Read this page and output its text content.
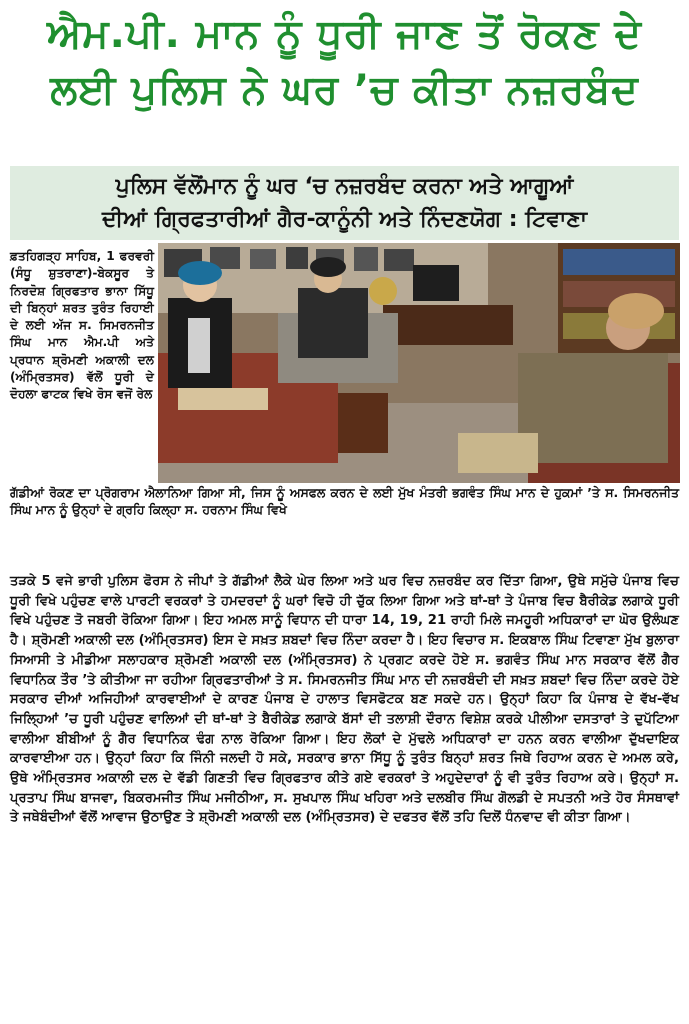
ਐਮ.ਪੀ. ਮਾਨ ਨੂੰ ਧੂਰੀ ਜਾਣ ਤੋਂ ਰੋਕਣ ਦੇ
ਲਈ ਪੁਲਿਸ ਨੇ ਘਰ ’ਚ ਕੀਤਾ ਨਜ਼ਰਬੰਦ
ਪੁਲਿਸ ਵੱਲੋਂਮਾਨ ਨੂੰ ਘਰ ‘ਚ ਨਜ਼ਰਬੰਦ ਕਰਨਾ ਅਤੇ ਆਗੂਆਂ
ਦੀਆਂ ਗ੍ਰਿਫਤਾਰੀਆਂ ਗੈਰ-ਕਾਨੂੰਨੀ ਅਤੇ ਨਿੰਦਣਯੋਗ : ਟਿਵਾਣਾ
ਫ਼ਤਹਿਗੜ੍ਹ ਸਾਹਿਬ, 1 ਫਰਵਰੀ (ਸੰਧੂ ਸ਼ੁਤਰਾਣਾ)-ਬੇਕਸੂਰ ਤੇ ਨਿਰਦੋਸ਼ ਗ੍ਰਿਫਤਾਰ ਭਾਨਾ ਸਿੱਧੂ ਦੀ ਬਿਨ੍ਹਾਂ ਸ਼ਰਤ ਤੁਰੰਤ ਰਿਹਾਈ ਦੇ ਲਈ ਅੱਜ ਸ. ਸਿਮਰਨਜੀਤ ਸਿੰਘ ਮਾਨ ਐਮ.ਪੀ ਅਤੇ ਪ੍ਰਧਾਨ ਸ਼੍ਰੋਮਣੀ ਅਕਾਲੀ ਦਲ (ਅੰਮ੍ਰਿਤਸਰ) ਵੱਲੋਂ ਧੂਰੀ ਦੇ ਦੋਹਲਾ ਫਾਟਕ ਵਿਖੇ ਰੋਸ ਵਜੋਂ ਰੇਲ
ਗੱਡੀਆਂ ਰੋਕਣ ਦਾ ਪ੍ਰੋਗਰਾਮ ਐਲਾਨਿਆ ਗਿਆ ਸੀ, ਜਿਸ ਨੂੰ ਅਸਫਲ ਕਰਨ ਦੇ ਲਈ ਮੁੱਖ ਮੰਤਰੀ ਭਗਵੰਤ ਸਿੰਘ ਮਾਨ ਦੇ ਹੁਕਮਾਂ ’ਤੇ ਸ. ਸਿਮਰਨਜੀਤ ਸਿੰਘ ਮਾਨ ਨੂੰ ਉਨ੍ਹਾਂ ਦੇ ਗ੍ਰਹਿ ਕਿਲ੍ਹਾ ਸ. ਹਰਨਾਮ ਸਿੰਘ ਵਿਖੇ
ਤੜਕੇ 5 ਵਜੇ ਭਾਰੀ ਪੁਲਿਸ ਫੋਰਸ ਨੇ ਜੀਪਾਂ ਤੇ ਗੱਡੀਆਂ ਲੈਕੇ ਘੇਰ ਲਿਆ ਅਤੇ ਘਰ ਵਿਚ ਨਜ਼ਰਬੰਦ ਕਰ ਦਿੱਤਾ ਗਿਆ, ਉਥੇ ਸਮੁੱਚੇ ਪੰਜਾਬ ਵਿਚ ਧੂਰੀ ਵਿਖੇ ਪਹੁੰਚਣ ਵਾਲੇ ਪਾਰਟੀ ਵਰਕਰਾਂ ਤੇ ਹਮਦਰਦਾਂ ਨੂੰ ਘਰਾਂ ਵਿਚੋ ਹੀ ਚੁੱਕ ਲਿਆ ਗਿਆ ਅਤੇ ਥਾਂ-ਥਾਂ ਤੇ ਪੰਜਾਬ ਵਿਚ ਬੈਰੀਕੇਡ ਲਗਾਕੇ ਧੂਰੀ ਵਿਖੇ ਪਹੁੰਚਣ ਤੋ ਜਬਰੀ ਰੋਕਿਆ ਗਿਆ। ਇਹ ਅਮਲ ਸਾਨੂੰ ਵਿਧਾਨ ਦੀ ਧਾਰਾ 14, 19, 21 ਰਾਹੀ ਮਿਲੇ ਜਮਹੂਰੀ ਅਧਿਕਾਰਾਂ ਦਾ ਘੋਰ ਉਲੰਘਣ ਹੈ। ਸ਼੍ਰੋਮਣੀ ਅਕਾਲੀ ਦਲ (ਅੰਮ੍ਰਿਤਸਰ) ਇਸ ਦੇ ਸਖ਼ਤ ਸ਼ਬਦਾਂ ਵਿਚ ਨਿੰਦਾ ਕਰਦਾ ਹੈ। ਇਹ ਵਿਚਾਰ ਸ. ਇਕਬਾਲ ਸਿੰਘ ਟਿਵਾਣਾ ਮੁੱਖ ਬੁਲਾਰਾ ਸਿਆਸੀ ਤੇ ਮੀਡੀਆ ਸਲਾਹਕਾਰ ਸ਼੍ਰੋਮਣੀ ਅਕਾਲੀ ਦਲ (ਅੰਮ੍ਰਿਤਸਰ) ਨੇ ਪ੍ਰਗਟ ਕਰਦੇ ਹੋਏ ਸ. ਭਗਵੰਤ ਸਿੰਘ ਮਾਨ ਸਰਕਾਰ ਵੱਲੋਂ ਗੈਰ ਵਿਧਾਨਿਕ ਤੌਰ ’ਤੇ ਕੀਤੀਆ ਜਾ ਰਹੀਆ ਗ੍ਰਿਫਤਾਰੀਆਂ ਤੇ ਸ. ਸਿਮਰਨਜੀਤ ਸਿੰਘ ਮਾਨ ਦੀ ਨਜ਼ਰਬੰਦੀ ਦੀ ਸਖ਼ਤ ਸ਼ਬਦਾਂ ਵਿਚ ਨਿੰਦਾ ਕਰਦੇ ਹੋਏ ਸਰਕਾਰ ਦੀਆਂ ਅਜਿਹੀਆਂ ਕਾਰਵਾਈਆਂ ਦੇ ਕਾਰਣ ਪੰਜਾਬ ਦੇ ਹਾਲਾਤ ਵਿਸਫੋਟਕ ਬਣ ਸਕਦੇ ਹਨ। ਉਨ੍ਹਾਂ ਕਿਹਾ ਕਿ ਪੰਜਾਬ ਦੇ ਵੱਖ-ਵੱਖ ਜਿਲ੍ਹਿਆਂ ’ਚ ਧੂਰੀ ਪਹੁੰਚਣ ਵਾਲਿਆਂ ਦੀ ਥਾਂ-ਥਾਂ ਤੇ ਬੈਰੀਕੇਡ ਲਗਾਕੇ ਬੱਸਾਂ ਦੀ ਤਲਾਸ਼ੀ ਦੌਰਾਨ ਵਿਸ਼ੇਸ਼ ਕਰਕੇ ਪੀਲੀਆ ਦਸਤਾਰਾਂ ਤੇ ਦੁਪੱਟਿਆ ਵਾਲੀਆ ਬੀਬੀਆਂ ਨੂੰ ਗੈਰ ਵਿਧਾਨਿਕ ਢੰਗ ਨਾਲ ਰੋਕਿਆ ਗਿਆ। ਇਹ ਲੋਕਾਂ ਦੇ ਮੁੱਢਲੇ ਅਧਿਕਾਰਾਂ ਦਾ ਹਨਨ ਕਰਨ ਵਾਲੀਆ ਦੁੱਖਦਾਇਕ ਕਾਰਵਾਈਆ ਹਨ। ਉਨ੍ਹਾਂ ਕਿਹਾ ਕਿ ਜਿੰਨੀ ਜਲਦੀ ਹੋ ਸਕੇ, ਸਰਕਾਰ ਭਾਨਾ ਸਿੱਧੂ ਨੂੰ ਤੁਰੰਤ ਬਿਨ੍ਹਾਂ ਸ਼ਰਤ ਜਿਥੇ ਰਿਹਾਅ ਕਰਨ ਦੇ ਅਮਲ ਕਰੇ, ਉਥੇ ਅੰਮ੍ਰਿਤਸਰ ਅਕਾਲੀ ਦਲ ਦੇ ਵੱਡੀ ਗਿਣਤੀ ਵਿਚ ਗ੍ਰਿਫਤਾਰ ਕੀਤੇ ਗਏ ਵਰਕਰਾਂ ਤੇ ਅਹੁਦੇਦਾਰਾਂ ਨੂੰ ਵੀ ਤੁਰੰਤ ਰਿਹਾਅ ਕਰੇ। ਉਨ੍ਹਾਂ ਸ. ਪ੍ਰਤਾਪ ਸਿੰਘ ਬਾਜਵਾ, ਬਿਕਰਮਜੀਤ ਸਿੰਘ ਮਜੀਠੀਆ, ਸ. ਸੁਖਪਾਲ ਸਿੰਘ ਖਹਿਰਾ ਅਤੇ ਦਲਬੀਰ ਸਿੰਘ ਗੋਲਡੀ ਦੇ ਸਪਤਨੀ ਅਤੇ ਹੋਰ ਸੰਸਥਾਵਾਂ ਤੇ ਜਥੇਬੰਦੀਆਂ ਵੱਲੋਂ ਆਵਾਜ ਉਠਾਉਣ ਤੇ ਸ਼੍ਰੋਮਣੀ ਅਕਾਲੀ ਦਲ (ਅੰਮ੍ਰਿਤਸਰ) ਦੇ ਦਫਤਰ ਵੱਲੋਂ ਤਹਿ ਦਿਲੋਂ ਧੰਨਵਾਦ ਵੀ ਕੀਤਾ ਗਿਆ।
